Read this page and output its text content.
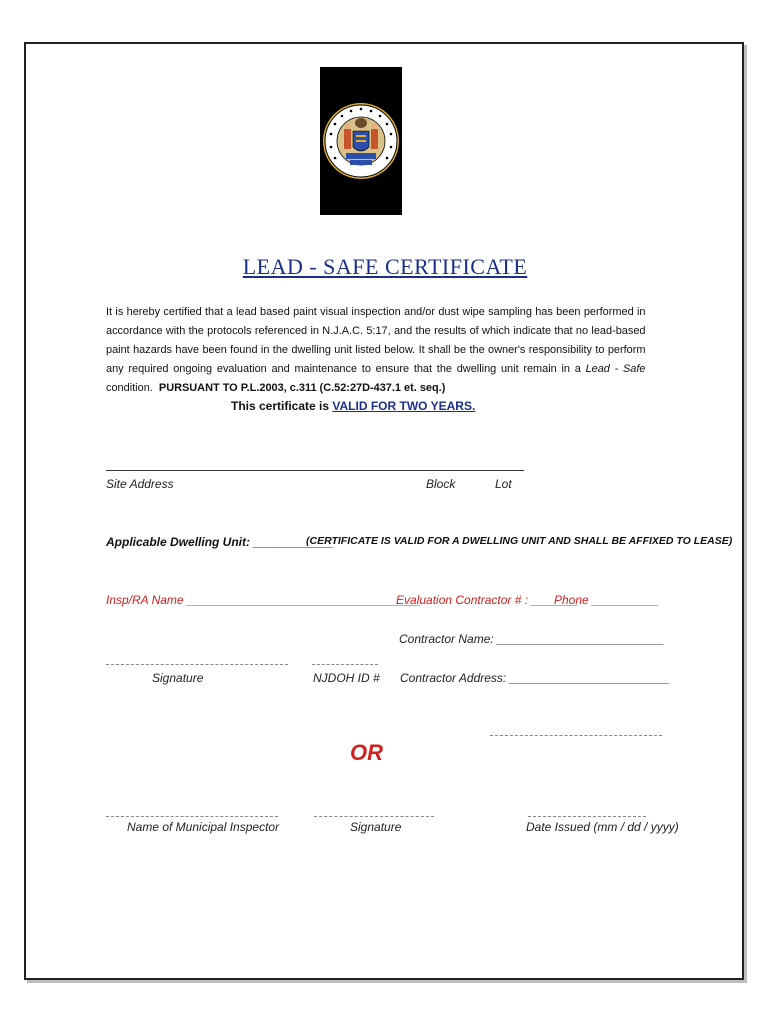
LEAD - SAFE CERTIFICATE
It is hereby certified that a lead based paint visual inspection and/or dust wipe sampling has been performed in accordance with the protocols referenced in N.J.A.C. 5:17, and the results of which indicate that no lead-based paint hazards have been found in the dwelling unit listed below. It shall be the owner's responsibility to perform any required ongoing evaluation and maintenance to ensure that the dwelling unit remain in a Lead - Safe condition. PURSUANT TO P.L.2003, c.311 (C.52:27D-437.1 et. seq.)
This certificate is VALID FOR TWO YEARS.
Site Address	Block	Lot
Applicable Dwelling Unit: ____________
(CERTIFICATE IS VALID FOR A DWELLING UNIT AND SHALL BE AFFIXED TO LEASE)
Insp/RA Name ___________________________________
Evaluation Contractor # : _______
Phone __________
Contractor Name: _________________________
Signature	NJDOH ID # Contractor Address: ________________________
OR
Name of Municipal Inspector	Signature	Date Issued (mm / dd / yyyy)
